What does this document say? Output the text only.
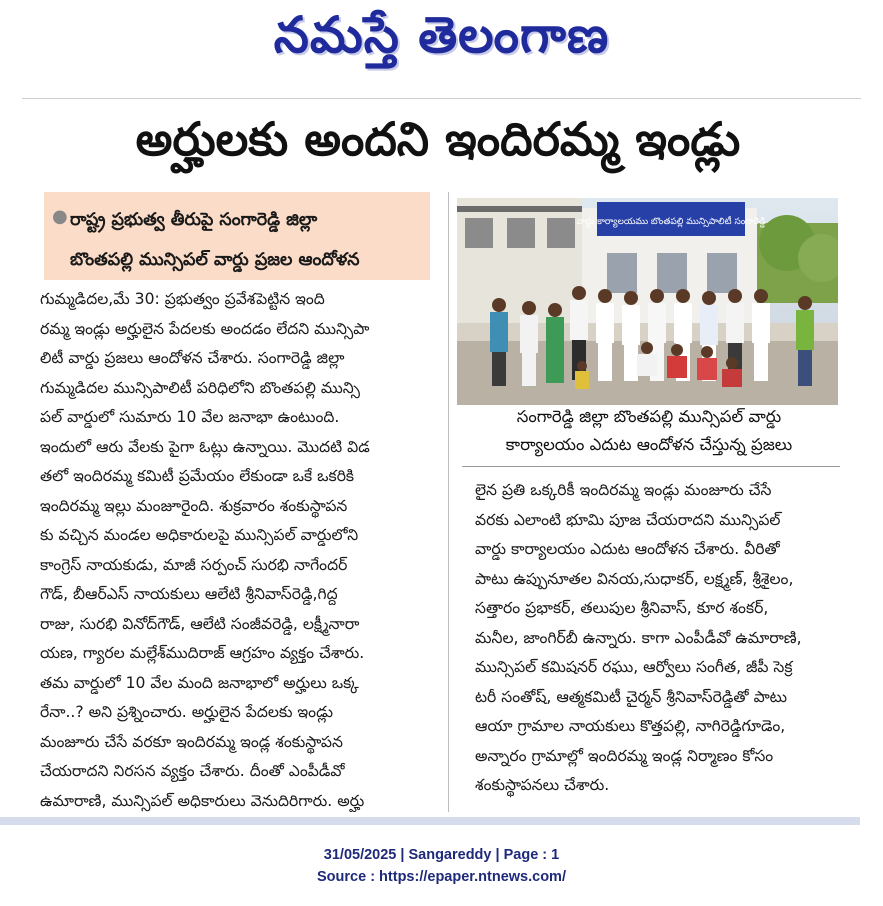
నమస్తే తెలంగాణ
అర్హులకు అందని ఇందిరమ్మ ఇండ్లు
● రాష్ట్ర ప్రభుత్వ తీరుపై సంగారెడ్డి జిల్లా
బొంతపల్లి మున్సిపల్ వార్డు ప్రజల ఆందోళన
వార్డు కార్యాలయము బొంతపల్లి మున్సిపాలిటీ సంగారెడ్డి
సంగారెడ్డి జిల్లా బొంతపల్లి మున్సిపల్ వార్డు
కార్యాలయం ఎదుట ఆందోళన చేస్తున్న ప్రజలు

గుమ్మడిదల,మే 30: ప్రభుత్వం ప్రవేశపెట్టిన ఇంది
రమ్మ ఇండ్లు అర్హులైన పేదలకు అందడం లేదని మున్సిపా
లిటీ వార్డు ప్రజలు ఆందోళన చేశారు. సంగారెడ్డి జిల్లా
గుమ్మడిదల మున్సిపాలిటీ పరిధిలోని బొంతపల్లి మున్సి
పల్ వార్డులో సుమారు 10 వేల జనాభా ఉంటుంది.
ఇందులో ఆరు వేలకు పైగా ఓట్లు ఉన్నాయి. మొదటి విడ
తలో ఇందిరమ్మ కమిటీ ప్రమేయం లేకుండా ఒకే ఒకరికి
ఇందిరమ్మ ఇల్లు మంజూరైంది. శుక్రవారం శంకుస్థాపన
కు వచ్చిన మండల అధికారులపై మున్సిపల్ వార్డులోని
కాంగ్రెస్ నాయకుడు, మాజీ సర్పంచ్ సురభి నాగేందర్
గౌడ్, బీఆర్ఎస్ నాయకులు ఆలేటి శ్రీనివాస్‌రెడ్డి,గిద్ద
రాజు, సురభి వినోద్‌గౌడ్, ఆలేటి సంజీవరెడ్డి, లక్ష్మీనారా
యణ, గ్యారల మల్లేశ్‌ముదిరాజ్ ఆగ్రహం వ్యక్తం చేశారు.
తమ వార్డులో 10 వేల మంది జనాభాలో అర్హులు ఒక్క
రేనా..? అని ప్రశ్నించారు. అర్హులైన పేదలకు ఇండ్లు
మంజూరు చేసే వరకూ ఇందిరమ్మ ఇండ్ల శంకుస్థాపన
చేయరాదని నిరసన వ్యక్తం చేశారు. దీంతో ఎంపీడీవో
ఉమారాణి, మున్సిపల్ అధికారులు వెనుదిరిగారు. అర్హు

లైన ప్రతి ఒక్కరికీ ఇందిరమ్మ ఇండ్లు మంజూరు చేసే
వరకు ఎలాంటి భూమి పూజ చేయరాదని మున్సిపల్
వార్డు కార్యాలయం ఎదుట ఆందోళన చేశారు. వీరితో
పాటు ఉప్పునూతల వినయ,సుధాకర్, లక్ష్మణ్, శ్రీశైలం,
సత్తారం ప్రభాకర్, తలుపుల శ్రీనివాస్, కూర శంకర్,
మనీల, జాంగిర్‌బీ ఉన్నారు. కాగా ఎంపీడీవో ఉమారాణి,
మున్సిపల్ కమిషనర్ రఘు, ఆర్వోలు సంగీత, జీపీ సెక్ర
టరీ సంతోష్‌, ఆత్మకమిటీ చైర్మన్ శ్రీనివాస్‌రెడ్డితో పాటు
ఆయా గ్రామాల నాయకులు కొత్తపల్లి, నాగిరెడ్డిగూడెం,
అన్నారం గ్రామాల్లో ఇందిరమ్మ ఇండ్ల నిర్మాణం కోసం
శంకుస్థాపనలు చేశారు.

31/05/2025 | Sangareddy | Page : 1
Source : https://epaper.ntnews.com/
